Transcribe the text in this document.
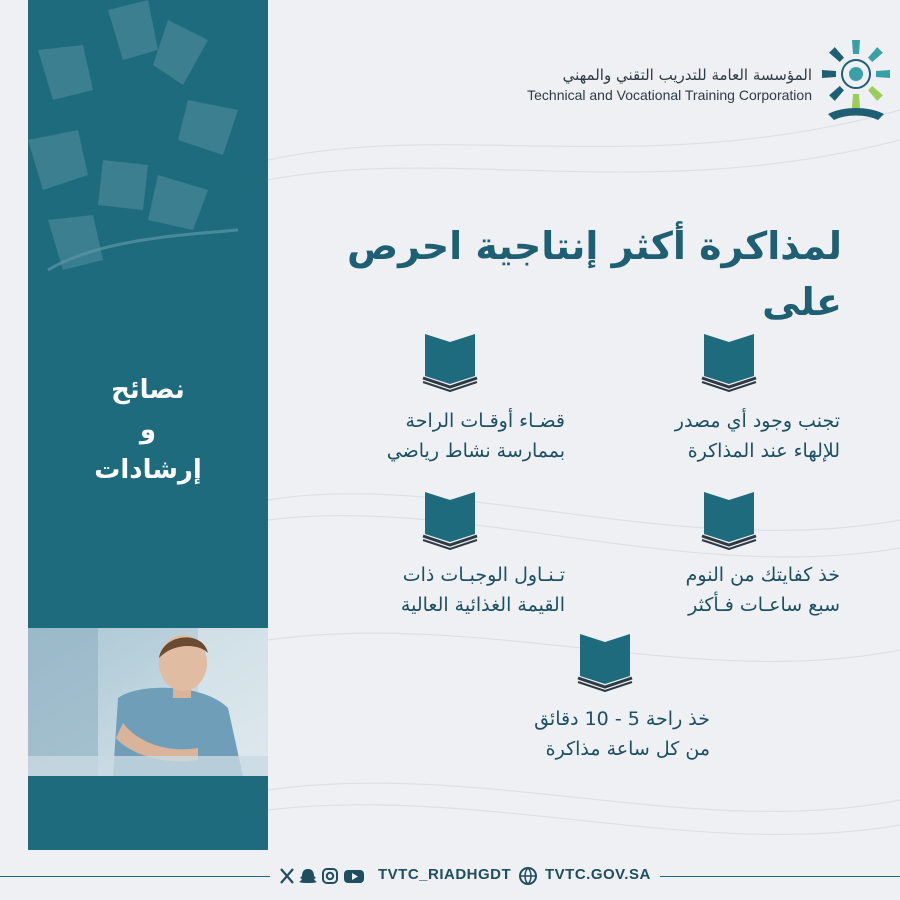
نصائح
و
إرشادات
المؤسسة العامة للتدريب التقني والمهني
Technical and Vocational Training Corporation
لمذاكرة أكثر إنتاجية احرص على
تجنب وجود أي مصدر
للإلهاء عند المذاكرة
قضـاء أوقـات الراحة
بممارسة نشاط رياضي
خذ كفايتك من النوم
سبع ساعـات فـأكثر
تـنـاول الوجبـات ذات
القيمة الغذائية العالية
خذ راحة 5 - 10 دقائق
من كل ساعة مذاكرة
TVTC_RIADHGDT TVTC.GOV.SA
